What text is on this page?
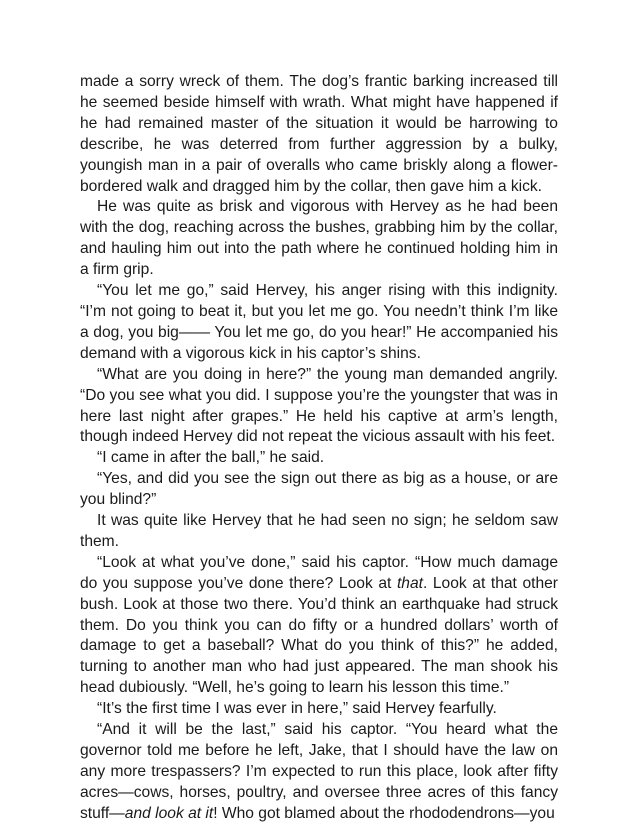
made a sorry wreck of them. The dog’s frantic barking increased till he seemed beside himself with wrath. What might have happened if he had remained master of the situation it would be harrowing to describe, he was deterred from further aggression by a bulky, youngish man in a pair of overalls who came briskly along a flower-bordered walk and dragged him by the collar, then gave him a kick.

He was quite as brisk and vigorous with Hervey as he had been with the dog, reaching across the bushes, grabbing him by the collar, and hauling him out into the path where he continued holding him in a firm grip.

“You let me go,” said Hervey, his anger rising with this indignity. “I’m not going to beat it, but you let me go. You needn’t think I’m like a dog, you big—— You let me go, do you hear!” He accompanied his demand with a vigorous kick in his captor’s shins.

“What are you doing in here?” the young man demanded angrily. “Do you see what you did. I suppose you’re the youngster that was in here last night after grapes.” He held his captive at arm’s length, though indeed Hervey did not repeat the vicious assault with his feet.

“I came in after the ball,” he said.

“Yes, and did you see the sign out there as big as a house, or are you blind?”

It was quite like Hervey that he had seen no sign; he seldom saw them.

“Look at what you’ve done,” said his captor. “How much damage do you suppose you’ve done there? Look at that. Look at that other bush. Look at those two there. You’d think an earthquake had struck them. Do you think you can do fifty or a hundred dollars’ worth of damage to get a baseball? What do you think of this?” he added, turning to another man who had just appeared. The man shook his head dubiously. “Well, he’s going to learn his lesson this time.”

“It’s the first time I was ever in here,” said Hervey fearfully.

“And it will be the last,” said his captor. “You heard what the governor told me before he left, Jake, that I should have the law on any more trespassers? I’m expected to run this place, look after fifty acres—cows, horses, poultry, and oversee three acres of this fancy stuff—and look at it! Who got blamed about the rhododendrons—you
